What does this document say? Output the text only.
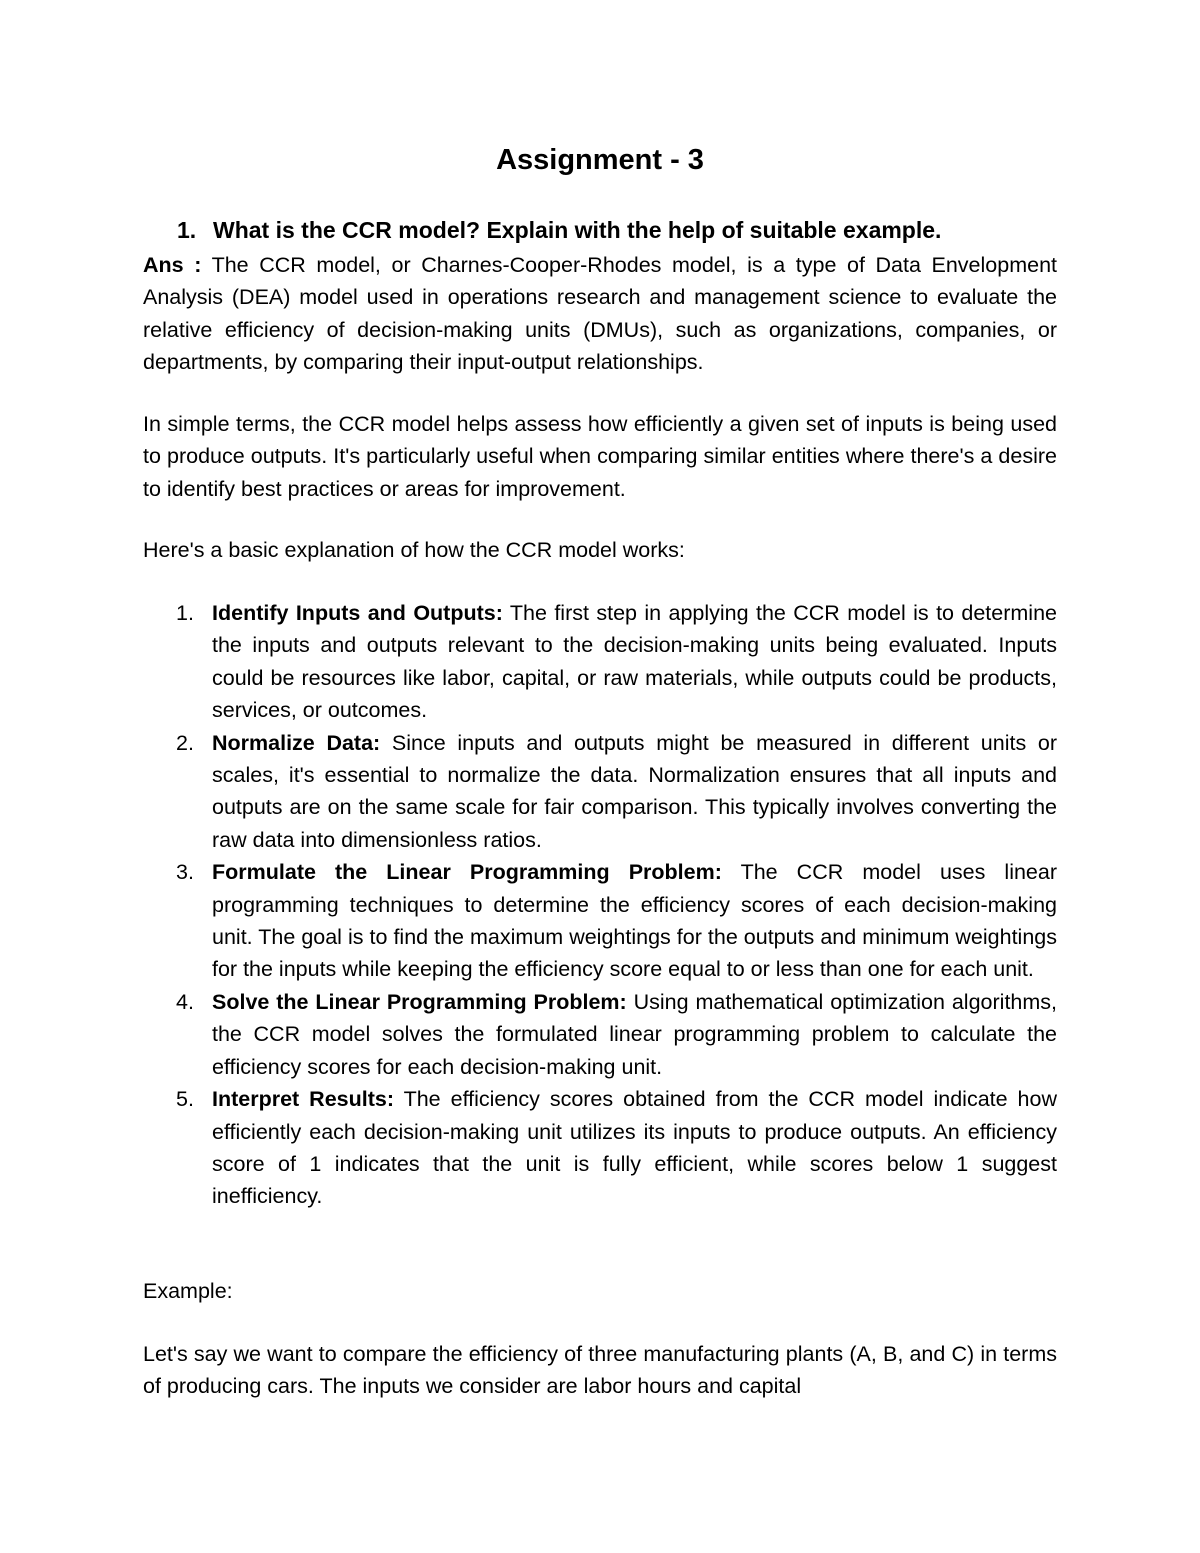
Assignment - 3
1. What is the CCR model? Explain with the help of suitable example.

Ans : The CCR model, or Charnes-Cooper-Rhodes model, is a type of Data Envelopment Analysis (DEA) model used in operations research and management science to evaluate the relative efficiency of decision-making units (DMUs), such as organizations, companies, or departments, by comparing their input-output relationships.

In simple terms, the CCR model helps assess how efficiently a given set of inputs is being used to produce outputs. It's particularly useful when comparing similar entities where there's a desire to identify best practices or areas for improvement.

Here's a basic explanation of how the CCR model works:

1. Identify Inputs and Outputs: The first step in applying the CCR model is to determine the inputs and outputs relevant to the decision-making units being evaluated. Inputs could be resources like labor, capital, or raw materials, while outputs could be products, services, or outcomes.
2. Normalize Data: Since inputs and outputs might be measured in different units or scales, it's essential to normalize the data. Normalization ensures that all inputs and outputs are on the same scale for fair comparison. This typically involves converting the raw data into dimensionless ratios.
3. Formulate the Linear Programming Problem: The CCR model uses linear programming techniques to determine the efficiency scores of each decision-making unit. The goal is to find the maximum weightings for the outputs and minimum weightings for the inputs while keeping the efficiency score equal to or less than one for each unit.
4. Solve the Linear Programming Problem: Using mathematical optimization algorithms, the CCR model solves the formulated linear programming problem to calculate the efficiency scores for each decision-making unit.
5. Interpret Results: The efficiency scores obtained from the CCR model indicate how efficiently each decision-making unit utilizes its inputs to produce outputs. An efficiency score of 1 indicates that the unit is fully efficient, while scores below 1 suggest inefficiency.

Example:

Let's say we want to compare the efficiency of three manufacturing plants (A, B, and C) in terms of producing cars. The inputs we consider are labor hours and capital
